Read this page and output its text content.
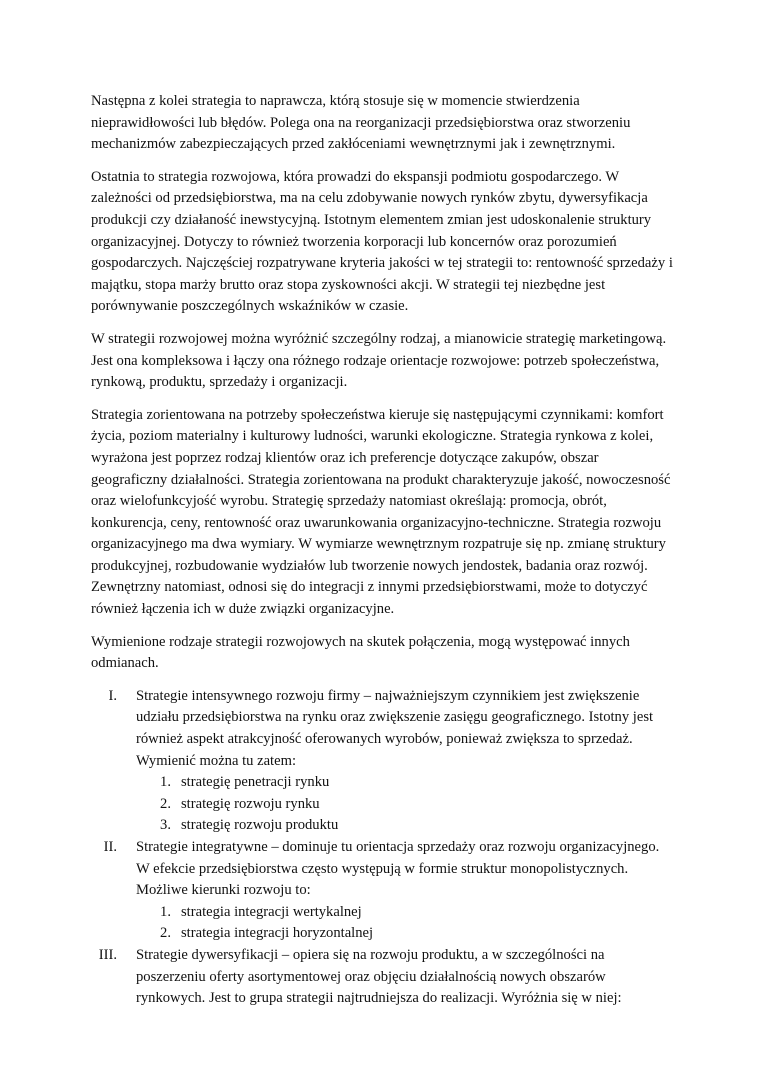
Następna z kolei strategia to naprawcza, którą stosuje się w momencie stwierdzenia nieprawidłowości lub błędów. Polega ona na reorganizacji przedsiębiorstwa oraz stworzeniu mechanizmów zabezpieczających przed zakłóceniami wewnętrznymi jak i zewnętrznymi.

Ostatnia to strategia rozwojowa, która prowadzi do ekspansji podmiotu gospodarczego. W zależności od przedsiębiorstwa, ma na celu zdobywanie nowych rynków zbytu, dywersyfikacja produkcji czy działaność inewstycyjną. Istotnym elementem zmian jest udoskonalenie struktury organizacyjnej. Dotyczy to również tworzenia korporacji lub koncernów oraz porozumień gospodarczych. Najczęściej rozpatrywane kryteria jakości w tej strategii to: rentowność sprzedaży i majątku, stopa marży brutto oraz stopa zyskowności akcji. W strategii tej niezbędne jest porównywanie poszczególnych wskaźników w czasie.

W strategii rozwojowej można wyróżnić szczególny rodzaj, a mianowicie strategię marketingową. Jest ona kompleksowa i łączy ona różnego rodzaje orientacje rozwojowe: potrzeb społeczeństwa, rynkową, produktu, sprzedaży i organizacji.

Strategia zorientowana na potrzeby społeczeństwa kieruje się następującymi czynnikami: komfort życia, poziom materialny i kulturowy ludności, warunki ekologiczne. Strategia rynkowa z kolei, wyrażona jest poprzez rodzaj klientów oraz ich preferencje dotyczące zakupów, obszar geograficzny działalności. Strategia zorientowana na produkt charakteryzuje jakość, nowoczesność oraz wielofunkcyjość wyrobu. Strategię sprzedaży natomiast określają: promocja, obrót, konkurencja, ceny, rentowność oraz uwarunkowania organizacyjno-techniczne. Strategia rozwoju organizacyjnego ma dwa wymiary. W wymiarze wewnętrznym rozpatruje się np. zmianę struktury produkcyjnej, rozbudowanie wydziałów lub tworzenie nowych jendostek, badania oraz rozwój. Zewnętrzny natomiast, odnosi się do integracji z innymi przedsiębiorstwami, może to dotyczyć również łączenia ich w duże związki organizacyjne.

Wymienione rodzaje strategii rozwojowych na skutek połączenia, mogą występować innych odmianach.

I. Strategie intensywnego rozwoju firmy – najważniejszym czynnikiem jest zwiększenie udziału przedsiębiorstwa na rynku oraz zwiększenie zasięgu geograficznego. Istotny jest również aspekt atrakcyjność oferowanych wyrobów, ponieważ zwiększa to sprzedaż. Wymienić można tu zatem:
1. strategię penetracji rynku
2. strategię rozwoju rynku
3. strategię rozwoju produktu
II. Strategie integratywne – dominuje tu orientacja sprzedaży oraz rozwoju organizacyjnego. W efekcie przedsiębiorstwa często występują w formie struktur monopolistycznych. Możliwe kierunki rozwoju to:
1. strategia integracji wertykalnej
2. strategia integracji horyzontalnej
III. Strategie dywersyfikacji – opiera się na rozwoju produktu, a w szczególności na poszerzeniu oferty asortymentowej oraz objęciu działalnością nowych obszarów rynkowych. Jest to grupa strategii najtrudniejsza do realizacji. Wyróżnia się w niej:
